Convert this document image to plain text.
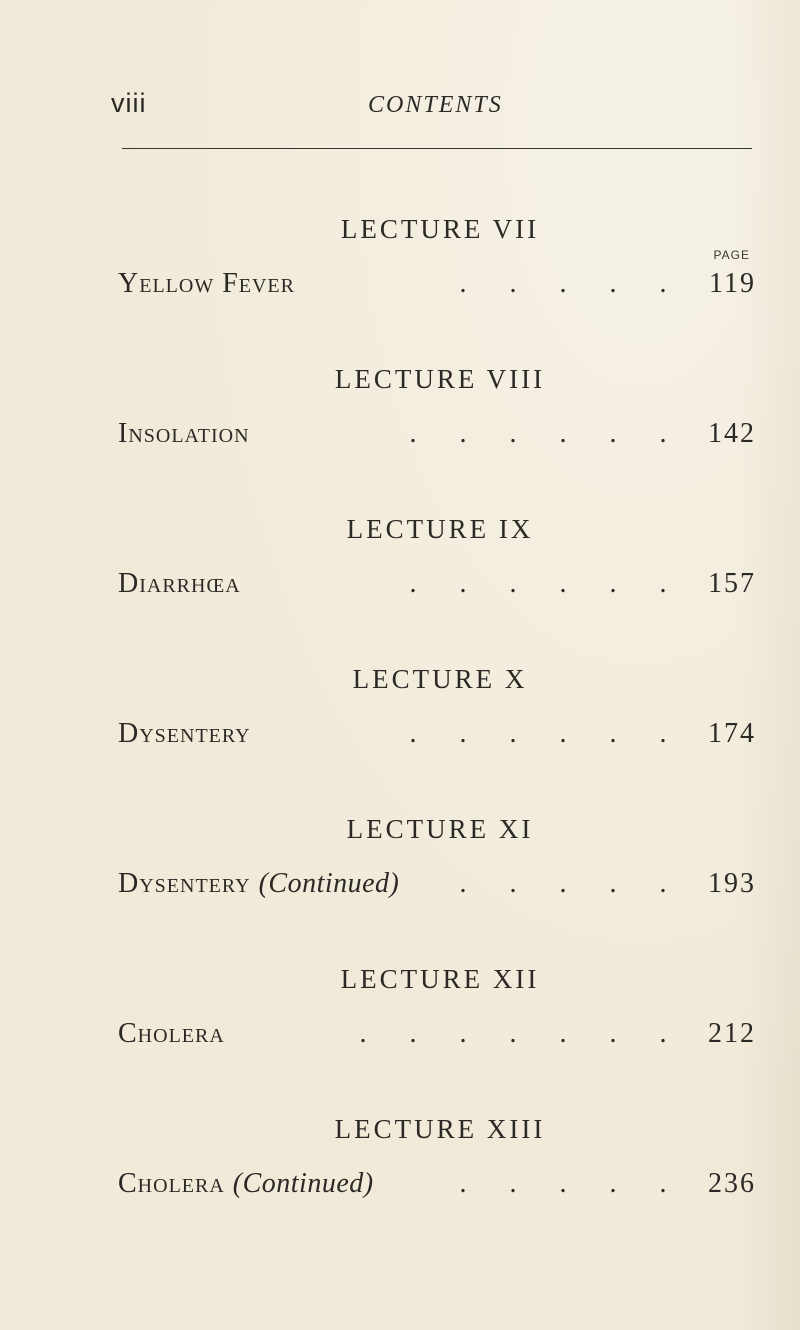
viii	CONTENTS
PAGE
LECTURE VII
Yellow Fever	. . . . .	119
LECTURE VIII
Insolation	. . . . . .	142
LECTURE IX
Diarrhœa	. . . . . .	157
LECTURE X
Dysentery	. . . . . .	174
LECTURE XI
Dysentery (Continued)	. . . . .	193
LECTURE XII
Cholera	. . . . . . .	212
LECTURE XIII
Cholera (Continued)	. . . . .	236
